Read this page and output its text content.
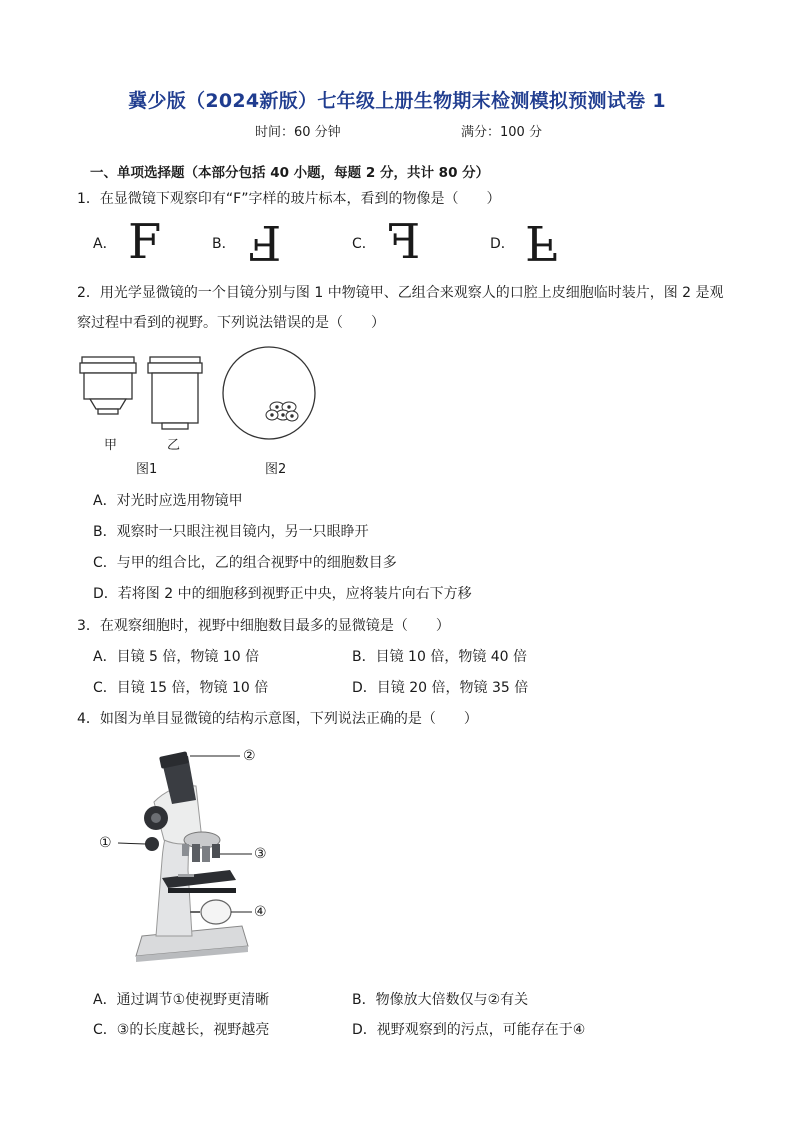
冀少版（2024新版）七年级上册生物期末检测模拟预测试卷 1
时间：60 分钟	满分：100 分
一、单项选择题（本部分包括 40 小题，每题 2 分，共计 80 分）
1．在显微镜下观察印有“F”字样的玻片标本，看到的物像是（　　）
A． F	B． F	C． F	D． F
2．用光学显微镜的一个目镜分别与图 1 中物镜甲、乙组合来观察人的口腔上皮细胞临时装片，图 2 是观
察过程中看到的视野。下列说法错误的是（　　）
甲	乙
图1	图2
A．对光时应选用物镜甲
B．观察时一只眼注视目镜内，另一只眼睁开
C．与甲的组合比，乙的组合视野中的细胞数目多
D．若将图 2 中的细胞移到视野正中央，应将装片向右下方移
3．在观察细胞时，视野中细胞数目最多的显微镜是（　　）
A．目镜 5 倍，物镜 10 倍	B．目镜 10 倍，物镜 40 倍
C．目镜 15 倍，物镜 10 倍	D．目镜 20 倍，物镜 35 倍
4．如图为单目显微镜的结构示意图，下列说法正确的是（　　）
②
①
③
④
A．通过调节①使视野更清晰	B．物像放大倍数仅与②有关
C．③的长度越长，视野越亮	D．视野观察到的污点，可能存在于④
